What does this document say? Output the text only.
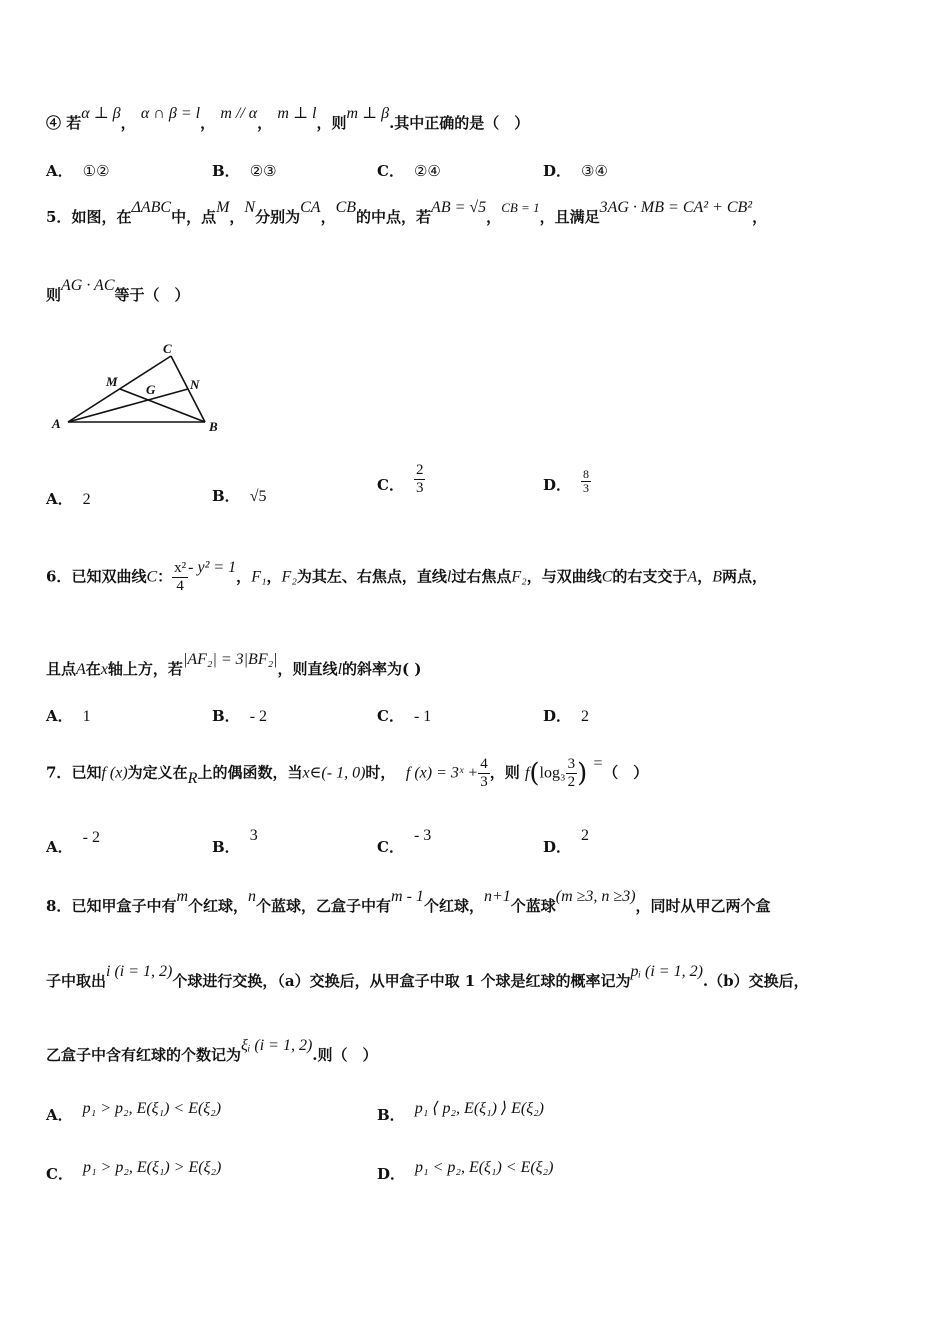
④ 若α ⊥ β， α ∩ β = l， m // α， m ⊥ l，则m ⊥ β.其中正确的是（　）
A． ①②	B． ②③	C． ②④	D． ③④
5．如图，在ΔABC中，点M，N分别为CA，CB的中点，若AB = √5，CB = 1，且满足3AG · MB = CA² + CB²，
则AG · AC等于（　）
A	B
C
M	N
G
A． 2	B． √5
C． $\frac{2}{3}$	D． $\frac{8}{3}$
6．已知双曲线C： $\frac{\text{x²}}{4} - y^2 = 1$，F₁，F₂为其左、右焦点，直线l过右焦点F₂，与双曲线C的右支交于A，B两点，
且点A在x轴上方，若|AF₂| = 3|BF₂|，则直线l的斜率为( )
A． 1	B． - 2	C． - 1	D． 2
7．已知f (x)为定义在R上的偶函数，当x∈(- 1, 0)时， f (x) = 3ˣ + $\frac{4}{3}$ ，则 $f(\log_3 \frac{3}{2}$ ) =（　）
A．- 2
B．3
C．- 3
D．2
8．已知甲盒子中有m个红球，n个蓝球，乙盒子中有m - 1个红球，n+1个蓝球(m ≥3, n ≥3)，同时从甲乙两个盒
子中取出i (i = 1, 2)个球进行交换，（a）交换后，从甲盒子中取 1 个球是红球的概率记为pᵢ (i = 1, 2).（b）交换后，
乙盒子中含有红球的个数记为ξᵢ (i = 1, 2).则（　）
A． p₁ > p₂, E(ξ₁) < E(ξ₂)	B． p₁ ⟨ p₂, E(ξ₁) ⟩ E(ξ₂)
C． p₁ > p₂, E(ξ₁) > E(ξ₂)	D． p₁ < p₂, E(ξ₁) < E(ξ₂)
